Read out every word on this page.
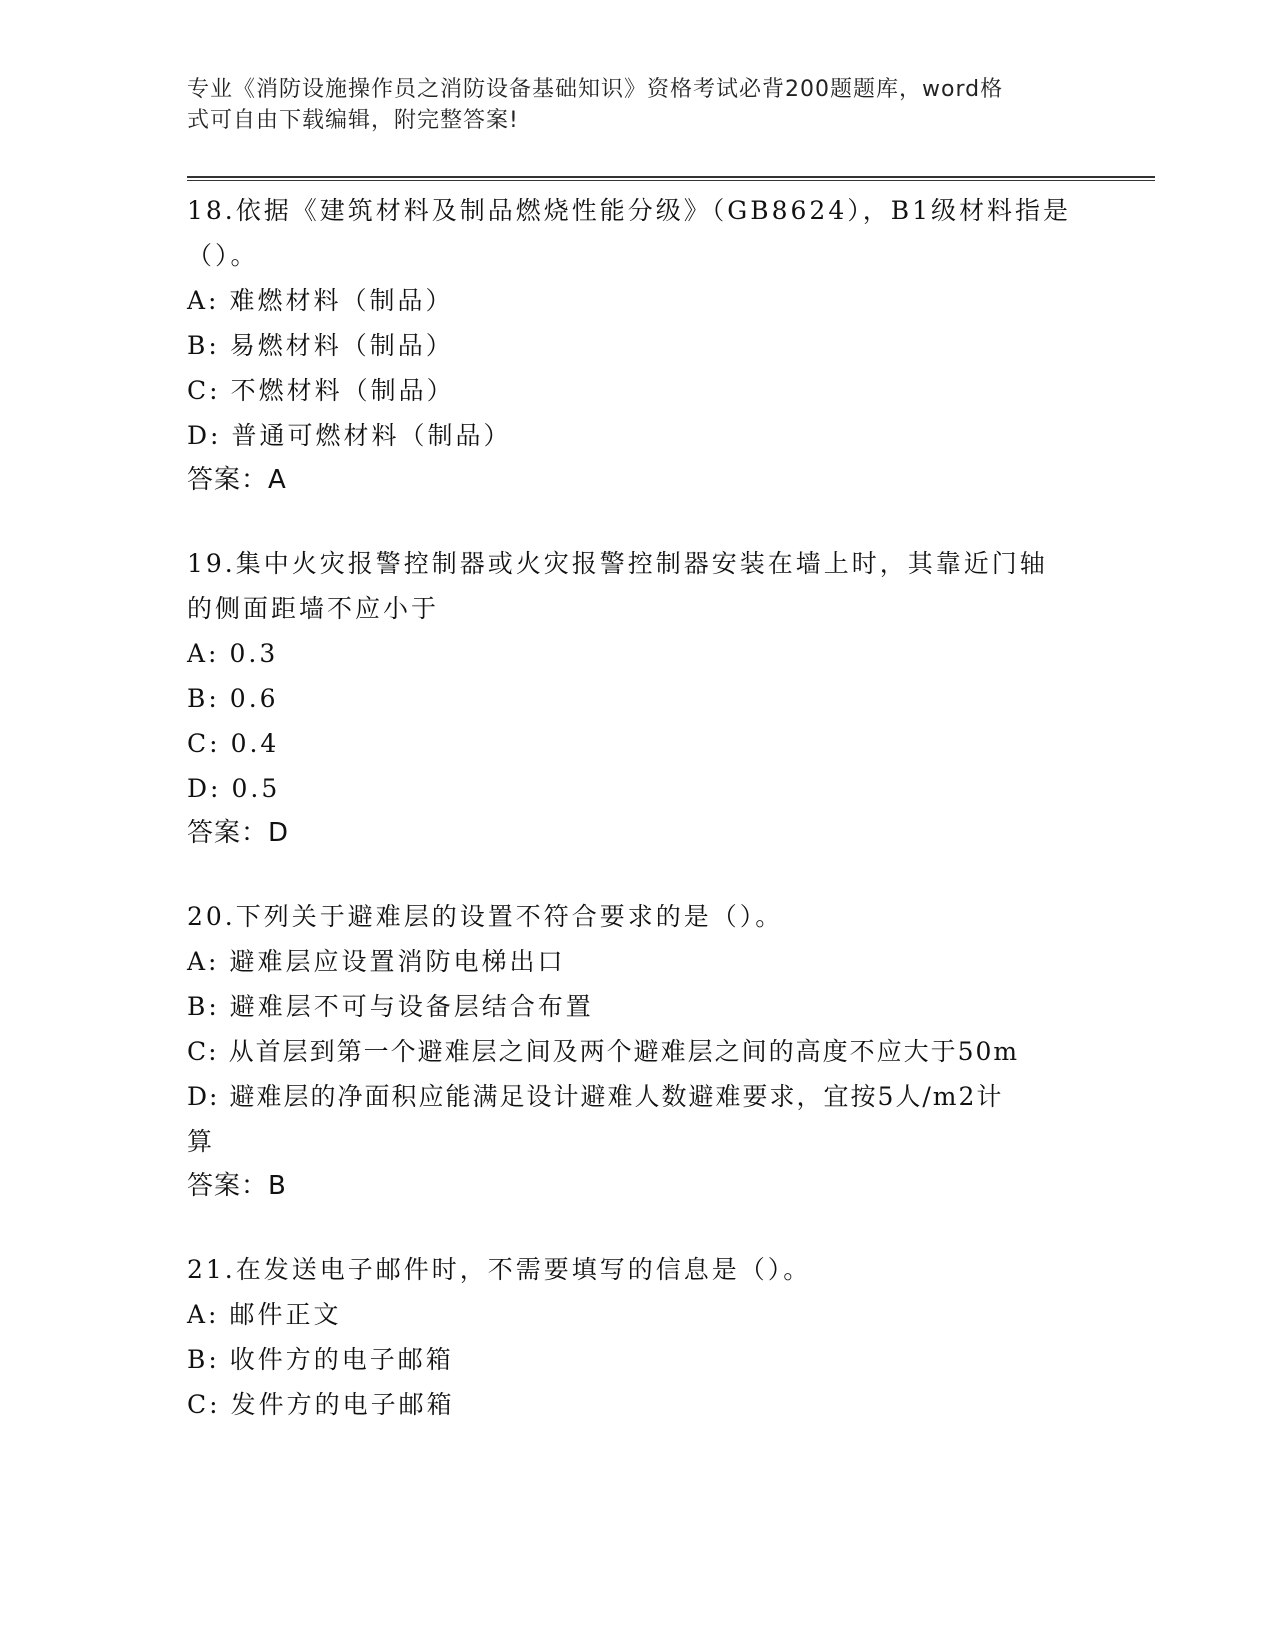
专业《消防设施操作员之消防设备基础知识》资格考试必背200题题库，word格
式可自由下载编辑，附完整答案!
18.依据《建筑材料及制品燃烧性能分级》（GB8624），B1级材料指是
（）。
A: 难燃材料（制品）
B: 易燃材料（制品）
C: 不燃材料（制品）
D: 普通可燃材料（制品）
答案：A
19.集中火灾报警控制器或火灾报警控制器安装在墙上时，其靠近门轴
的侧面距墙不应小于
A: 0.3
B: 0.6
C: 0.4
D: 0.5
答案：D
20.下列关于避难层的设置不符合要求的是（）。
A: 避难层应设置消防电梯出口
B: 避难层不可与设备层结合布置
C: 从首层到第一个避难层之间及两个避难层之间的高度不应大于50m
D: 避难层的净面积应能满足设计避难人数避难要求，宜按5人/m2计
算
答案：B
21.在发送电子邮件时，不需要填写的信息是（）。
A: 邮件正文
B: 收件方的电子邮箱
C: 发件方的电子邮箱
